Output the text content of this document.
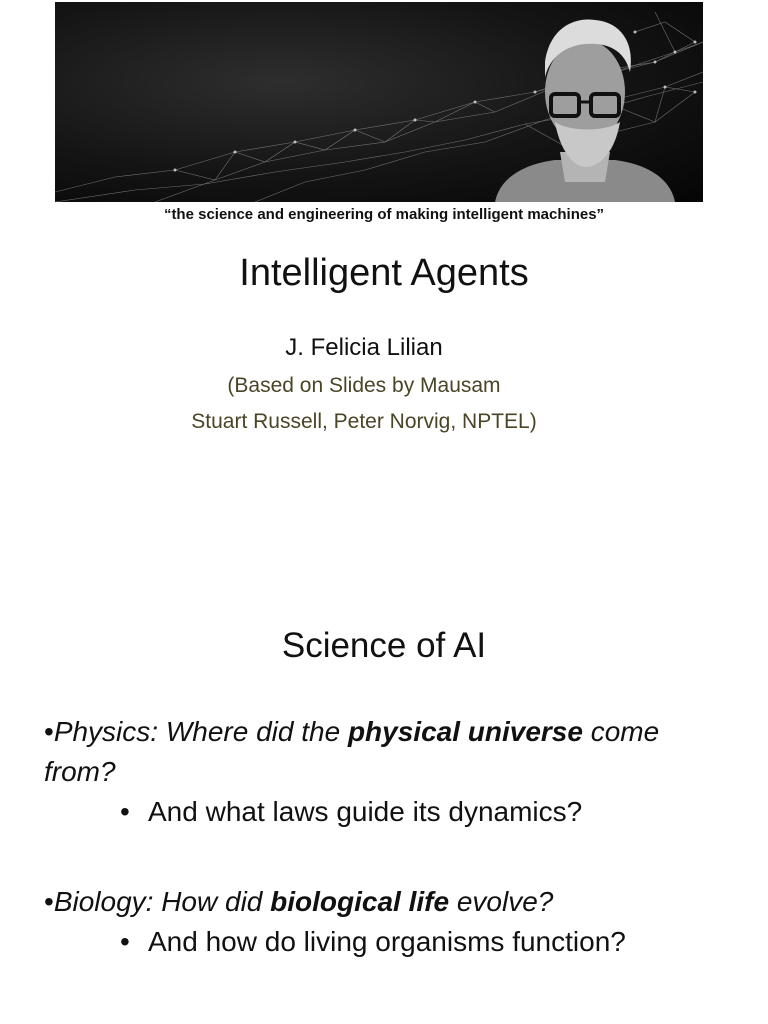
“the science and engineering of making intelligent machines”
Intelligent Agents
J. Felicia Lilian
(Based on Slides by Mausam
Stuart Russell, Peter Norvig, NPTEL)
Science of AI
•Physics: Where did the physical universe come
from?
• And what laws guide its dynamics?
•Biology: How did biological life evolve?
• And how do living organisms function?
